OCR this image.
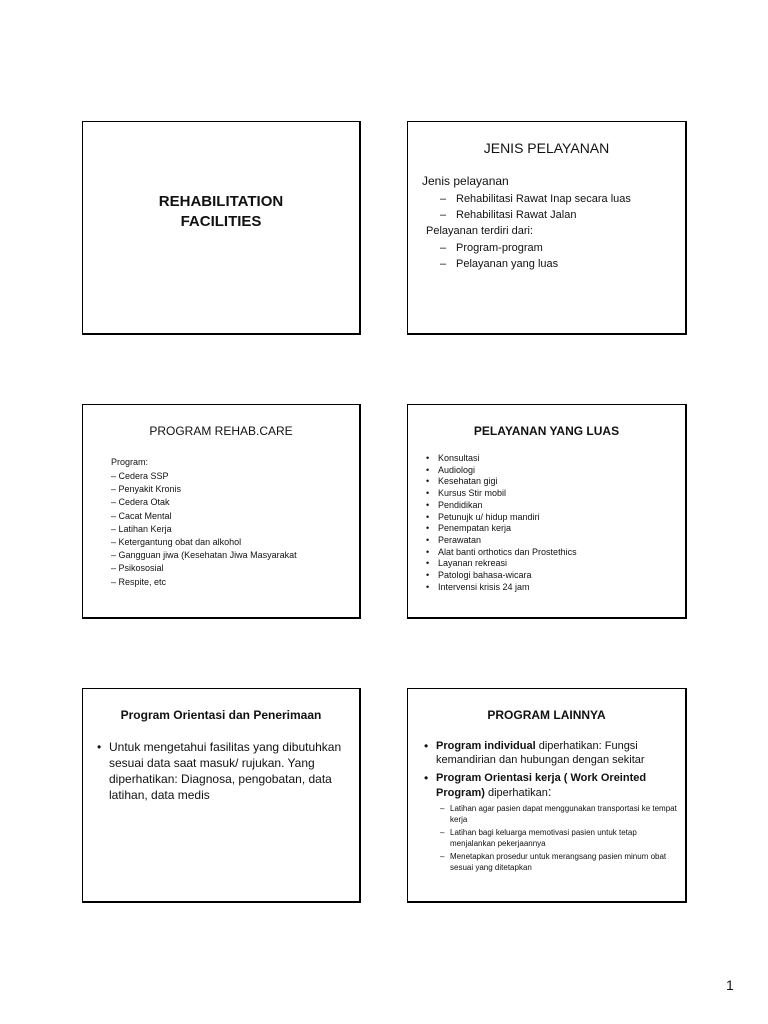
REHABILITATION
FACILITIES
JENIS PELAYANAN
Jenis pelayanan
– Rehabilitasi Rawat Inap secara luas
– Rehabilitasi Rawat Jalan
Pelayanan terdiri dari:
– Program-program
– Pelayanan yang luas
PROGRAM REHAB.CARE
Program:
– Cedera SSP
– Penyakit Kronis
– Cedera Otak
– Cacat Mental
– Latihan Kerja
– Ketergantung obat dan alkohol
– Gangguan jiwa (Kesehatan Jiwa Masyarakat
– Psikososial
– Respite, etc
PELAYANAN YANG LUAS
• Konsultasi
• Audiologi
• Kesehatan gigi
• Kursus Stir mobil
• Pendidikan
• Petunujk u/ hidup mandiri
• Penempatan kerja
• Perawatan
• Alat banti orthotics dan Prostethics
• Layanan rekreasi
• Patologi bahasa-wicara
• Intervensi krisis 24 jam
Program Orientasi dan Penerimaan
• Untuk mengetahui fasilitas yang dibutuhkan sesuai data saat masuk/ rujukan. Yang diperhatikan: Diagnosa, pengobatan, data latihan, data medis
PROGRAM LAINNYA
• Program individual diperhatikan: Fungsi kemandirian dan hubungan dengan sekitar
• Program Orientasi kerja ( Work Oreinted Program) diperhatikan:
– Latihan agar pasien dapat menggunakan transportasi ke tempat kerja
– Latihan bagi keluarga memotivasi pasien untuk tetap menjalankan pekerjaannya
– Menetapkan prosedur untuk merangsang pasien minum obat sesuai yang ditetapkan
1
